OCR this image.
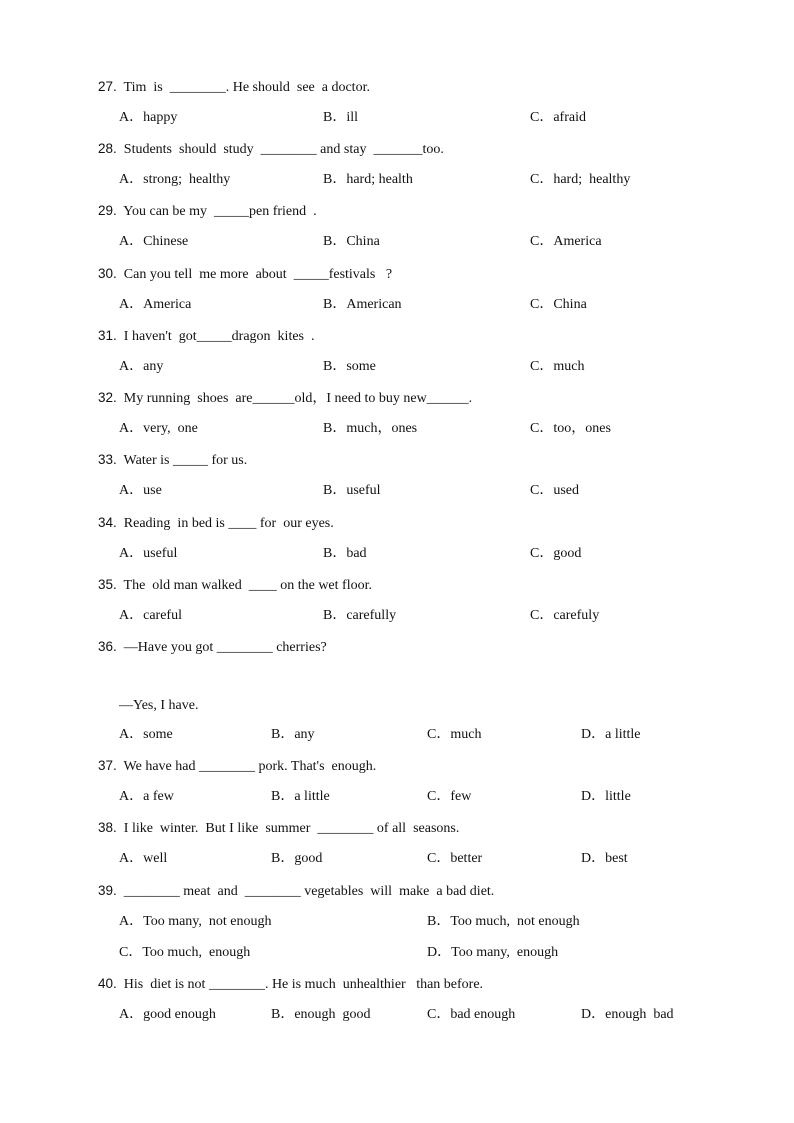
27. Tim  is  ________. He should  see  a doctor.
A．happy	B．ill	C．afraid
28. Students  should  study  ________ and stay  _______too.
A．strong;  healthy	B．hard; health	C．hard;  healthy
29. You can be my  _____pen friend  .
A．Chinese	B．China	C．America
30. Can you tell  me more  about  _____festivals   ?
A．America	B．American	C．China
31. I haven't  got_____dragon  kites  .
A．any	B．some	C．much
32. My running  shoes  are______old，I need to buy new______.
A．very,  one	B．much，ones	C．too，ones
33. Water is _____ for us.
A．use	B．useful	C．used
34. Reading  in bed is ____ for  our eyes.
A．useful	B．bad	C．good
35. The  old man walked  ____ on the wet floor.
A．careful	B．carefully	C．carefuly
36. —Have you got ________ cherries?
—Yes, I have.
A．some	B．any	C．much	D．a little
37. We have had ________ pork. That's  enough.
A．a few	B．a little	C．few	D．little
38. I like  winter.  But I like  summer  ________ of all  seasons.
A．well	B．good	C．better	D．best
39. ________ meat  and  ________ vegetables  will  make  a bad diet.
A．Too many,  not enough	B．Too much,  not enough
C．Too much,  enough	D．Too many,  enough
40. His  diet is not ________. He is much  unhealthier   than before.
A．good enough	B．enough  good	C．bad enough	D．enough  bad
